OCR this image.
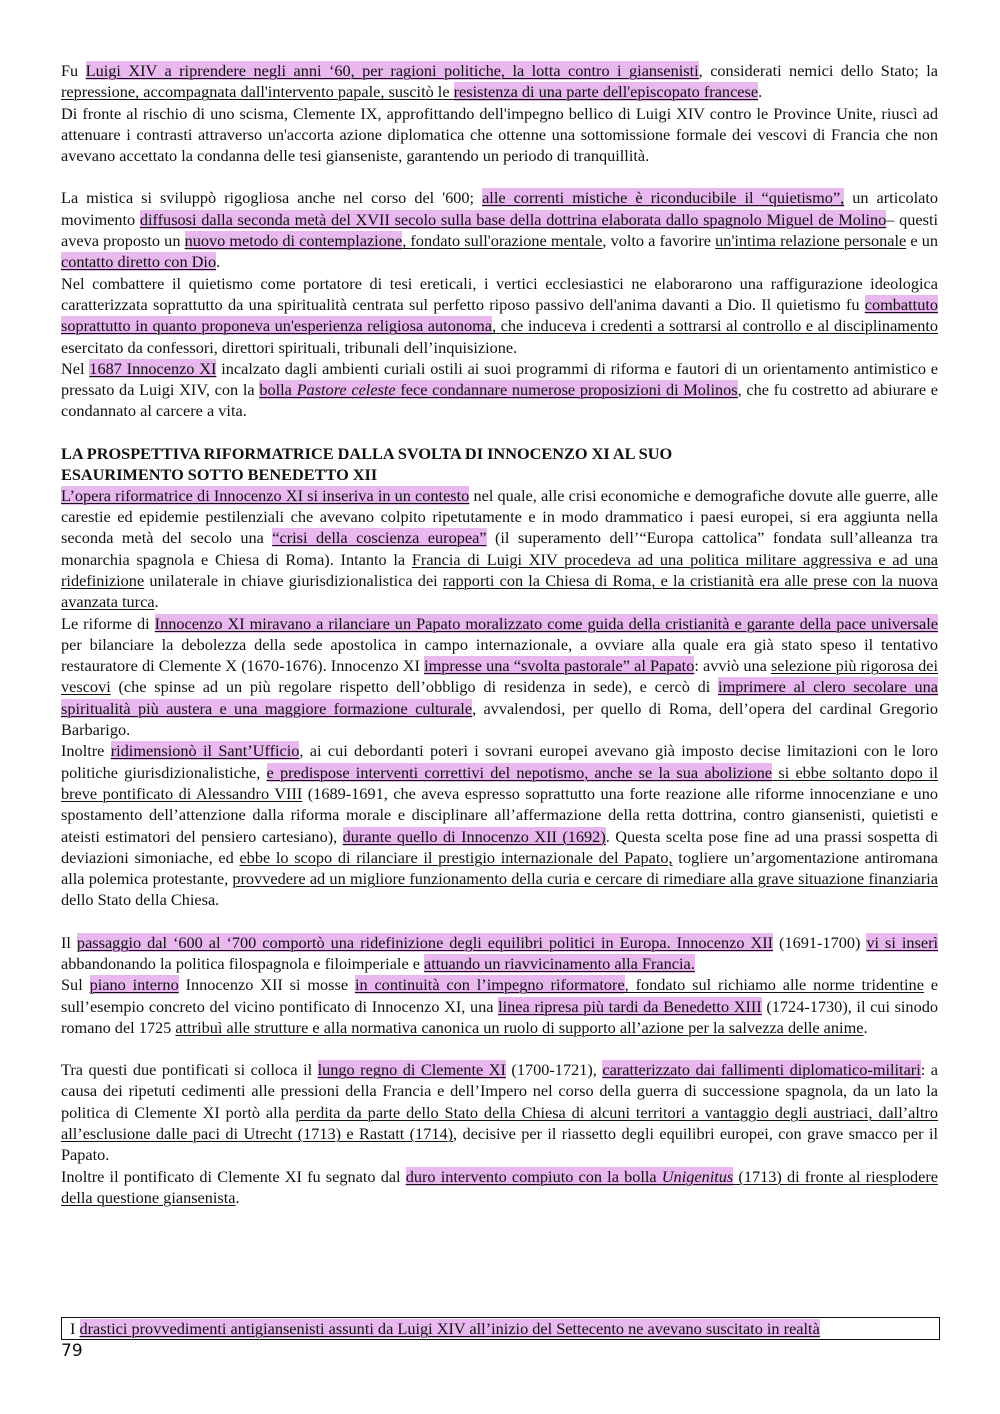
Fu Luigi XIV a riprendere negli anni ‘60, per ragioni politiche, la lotta contro i giansenisti, considerati nemici dello Stato; la repressione, accompagnata dall'intervento papale, suscitò le resistenza di una parte dell'episcopato francese.

Di fronte al rischio di uno scisma, Clemente IX, approfittando dell'impegno bellico di Luigi XIV contro le Province Unite, riuscì ad attenuare i contrasti attraverso un'accorta azione diplomatica che ottenne una sottomissione formale dei vescovi di Francia che non avevano accettato la condanna delle tesi gianseniste, garantendo un periodo di tranquillità.

La mistica si sviluppò rigogliosa anche nel corso del '600; alle correnti mistiche è riconducibile il “quietismo”, un articolato movimento diffusosi dalla seconda metà del XVII secolo sulla base della dottrina elaborata dallo spagnolo Miguel de Molino– questi aveva proposto un nuovo metodo di contemplazione, fondato sull'orazione mentale, volto a favorire un'intima relazione personale e un contatto diretto con Dio.

Nel combattere il quietismo come portatore di tesi ereticali, i vertici ecclesiastici ne elaborarono una raffigurazione ideologica caratterizzata soprattutto da una spiritualità centrata sul perfetto riposo passivo dell'anima davanti a Dio. Il quietismo fu combattuto soprattutto in quanto proponeva un'esperienza religiosa autonoma, che induceva i credenti a sottrarsi al controllo e al disciplinamento esercitato da confessori, direttori spirituali, tribunali dell’inquisizione.

Nel 1687 Innocenzo XI incalzato dagli ambienti curiali ostili ai suoi programmi di riforma e fautori di un orientamento antimistico e pressato da Luigi XIV, con la bolla Pastore celeste fece condannare numerose proposizioni di Molinos, che fu costretto ad abiurare e condannato al carcere a vita.

LA PROSPETTIVA RIFORMATRICE DALLA SVOLTA DI INNOCENZO XI AL SUO
ESAURIMENTO SOTTO BENEDETTO XII

L’opera riformatrice di Innocenzo XI si inseriva in un contesto nel quale, alle crisi economiche e demografiche dovute alle guerre, alle carestie ed epidemie pestilenziali che avevano colpito ripetutamente e in modo drammatico i paesi europei, si era aggiunta nella seconda metà del secolo una “crisi della coscienza europea” (il superamento dell’“Europa cattolica” fondata sull’alleanza tra monarchia spagnola e Chiesa di Roma). Intanto la Francia di Luigi XIV procedeva ad una politica militare aggressiva e ad una ridefinizione unilaterale in chiave giurisdizionalistica dei rapporti con la Chiesa di Roma, e la cristianità era alle prese con la nuova avanzata turca.

Le riforme di Innocenzo XI miravano a rilanciare un Papato moralizzato come guida della cristianità e garante della pace universale per bilanciare la debolezza della sede apostolica in campo internazionale, a ovviare alla quale era già stato speso il tentativo restauratore di Clemente X (1670-1676). Innocenzo XI impresse una “svolta pastorale” al Papato: avviò una selezione più rigorosa dei vescovi (che spinse ad un più regolare rispetto dell’obbligo di residenza in sede), e cercò di imprimere al clero secolare una spiritualità più austera e una maggiore formazione culturale, avvalendosi, per quello di Roma, dell’opera del cardinal Gregorio Barbarigo.

Inoltre ridimensionò il Sant’Ufficio, ai cui debordanti poteri i sovrani europei avevano già imposto decise limitazioni con le loro politiche giurisdizionalistiche, e predispose interventi correttivi del nepotismo, anche se la sua abolizione si ebbe soltanto dopo il breve pontificato di Alessandro VIII (1689-1691, che aveva espresso soprattutto una forte reazione alle riforme innocenziane e uno spostamento dell’attenzione dalla riforma morale e disciplinare all’affermazione della retta dottrina, contro giansenisti, quietisti e ateisti estimatori del pensiero cartesiano), durante quello di Innocenzo XII (1692). Questa scelta pose fine ad una prassi sospetta di deviazioni simoniache, ed ebbe lo scopo di rilanciare il prestigio internazionale del Papato, togliere un’argomentazione antiromana alla polemica protestante, provvedere ad un migliore funzionamento della curia e cercare di rimediare alla grave situazione finanziaria dello Stato della Chiesa.

Il passaggio dal ‘600 al ‘700 comportò una ridefinizione degli equilibri politici in Europa. Innocenzo XII (1691-1700) vi si inserì abbandonando la politica filospagnola e filoimperiale e attuando un riavvicinamento alla Francia.

Sul piano interno Innocenzo XII si mosse in continuità con l’impegno riformatore, fondato sul richiamo alle norme tridentine e sull’esempio concreto del vicino pontificato di Innocenzo XI, una linea ripresa più tardi da Benedetto XIII (1724-1730), il cui sinodo romano del 1725 attribuì alle strutture e alla normativa canonica un ruolo di supporto all’azione per la salvezza delle anime.

Tra questi due pontificati si colloca il lungo regno di Clemente XI (1700-1721), caratterizzato dai fallimenti diplomatico-militari: a causa dei ripetuti cedimenti alle pressioni della Francia e dell’Impero nel corso della guerra di successione spagnola, da un lato la politica di Clemente XI portò alla perdita da parte dello Stato della Chiesa di alcuni territori a vantaggio degli austriaci, dall’altro all’esclusione dalle paci di Utrecht (1713) e Rastatt (1714), decisive per il riassetto degli equilibri europei, con grave smacco per il Papato.

Inoltre il pontificato di Clemente XI fu segnato dal duro intervento compiuto con la bolla Unigenitus (1713) di fronte al riesplodere della questione giansenista.

I drastici provvedimenti antigiansenisti assunti da Luigi XIV all’inizio del Settecento ne avevano suscitato in realtà
79
